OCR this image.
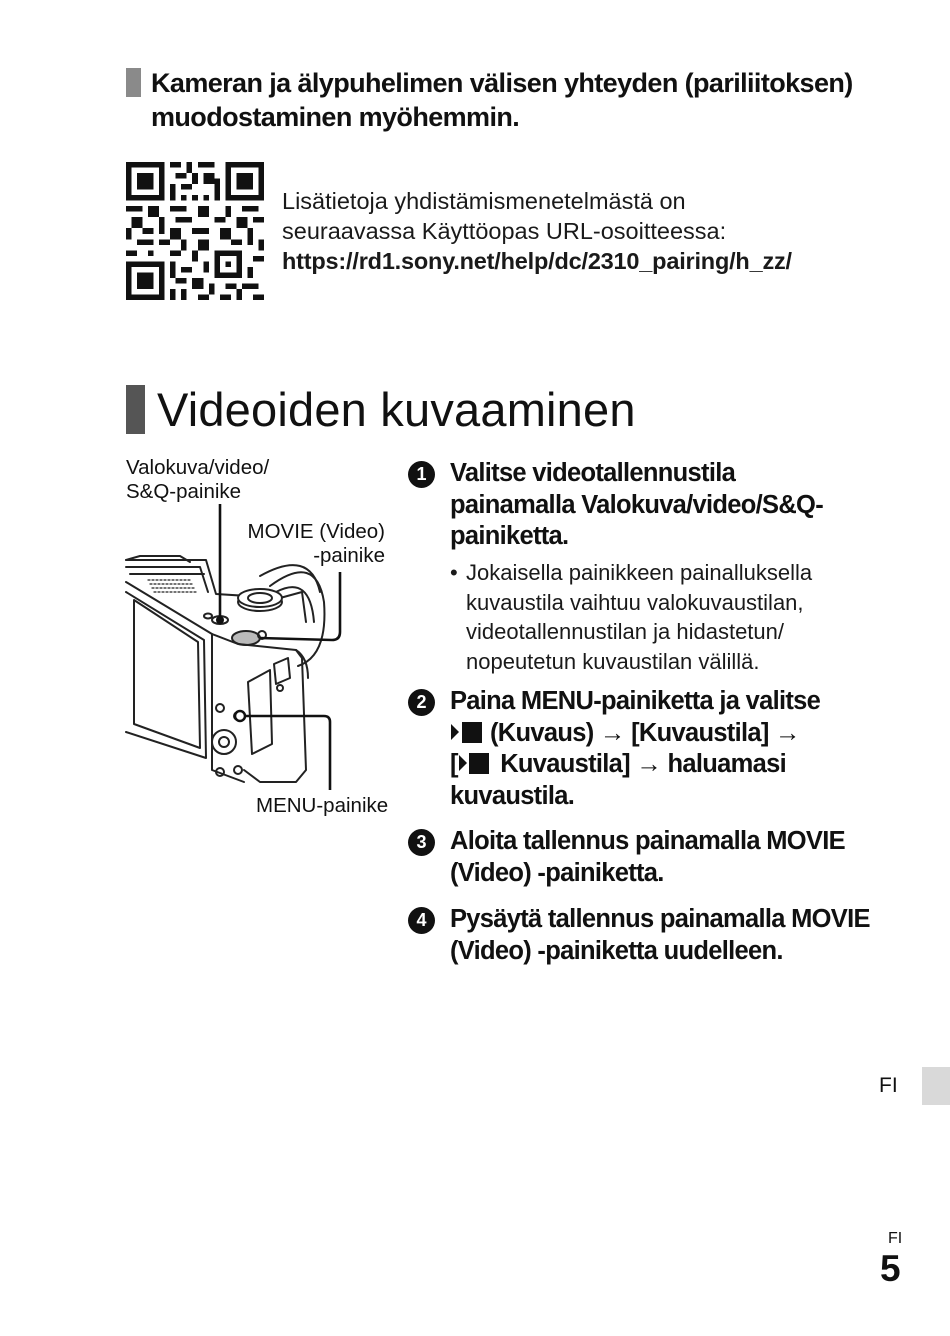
Kameran ja älypuhelimen välisen yhteyden (pariliitoksen)
muodostaminen myöhemmin.
Lisätietoja yhdistämismenetelmästä on
seuraavassa Käyttöopas URL-osoitteessa:
https://rd1.sony.net/help/dc/2310_pairing/h_zz/
Videoiden kuvaaminen
Valokuva/video/
S&Q-painike
MOVIE (Video)
-painike
MENU-painike
1 Valitse videotallennustila
painamalla Valokuva/video/S&Q-
painiketta.
• Jokaisella painikkeen painalluksella
kuvaustila vaihtuu valokuvaustilan,
videotallennustilan ja hidastetun/
nopeutetun kuvaustilan välillä.
2 Paina MENU-painiketta ja valitse
(Kuvaus) → [Kuvaustila] →
[ Kuvaustila] → haluamasi
kuvaustila.
3 Aloita tallennus painamalla MOVIE
(Video) -painiketta.
4 Pysäytä tallennus painamalla MOVIE
(Video) -painiketta uudelleen.
FI
FI
5
